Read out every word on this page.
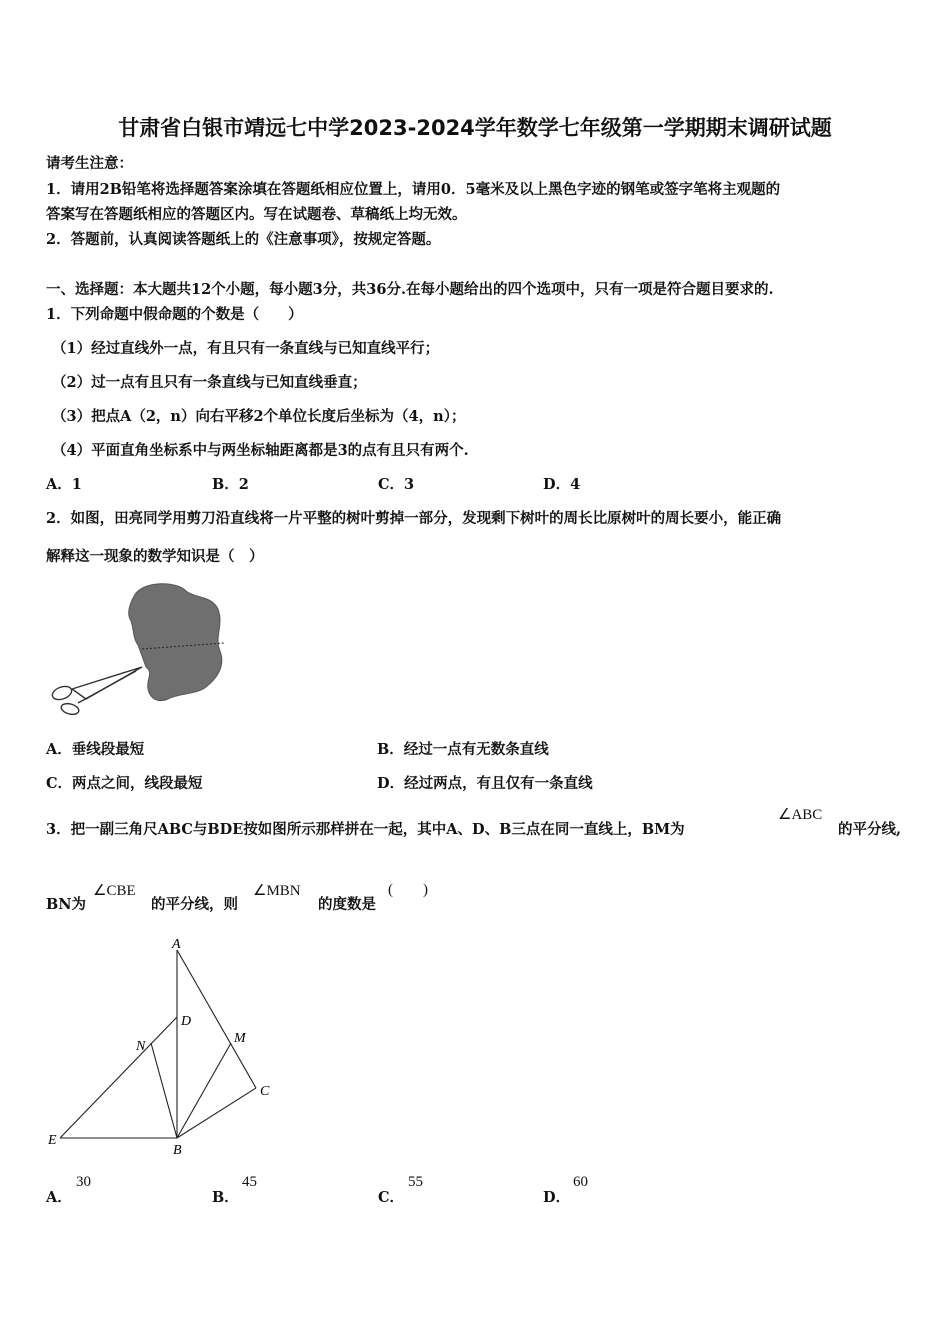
甘肃省白银市靖远七中学2023-2024学年数学七年级第一学期期末调研试题
请考生注意：
1．请用2B铅笔将选择题答案涂填在答题纸相应位置上，请用0．5毫米及以上黑色字迹的钢笔或签字笔将主观题的
答案写在答题纸相应的答题区内。写在试题卷、草稿纸上均无效。
2．答题前，认真阅读答题纸上的《注意事项》，按规定答题。
一、选择题：本大题共12个小题，每小题3分，共36分.在每小题给出的四个选项中，只有一项是符合题目要求的.
1．下列命题中假命题的个数是（　　）
（1）经过直线外一点，有且只有一条直线与已知直线平行；
（2）过一点有且只有一条直线与已知直线垂直；
（3）把点A（2，n）向右平移2个单位长度后坐标为（4，n）；
（4）平面直角坐标系中与两坐标轴距离都是3的点有且只有两个.
A．1	B．2	C．3	D．4
2．如图，田亮同学用剪刀沿直线将一片平整的树叶剪掉一部分，发现剩下树叶的周长比原树叶的周长要小，能正确
解释这一现象的数学知识是（　）
A．垂线段最短	B．经过一点有无数条直线
C．两点之间，线段最短	D．经过两点，有且仅有一条直线
3．把一副三角尺ABC与BDE按如图所示那样拼在一起，其中A、D、B三点在同一直线上，BM为
∠ABC
的平分线,
BN为
∠CBE
的平分线，则
∠MBN
的度数是
(　　)
A
D
N
M
C
E
B
A．
30
B．
45
C．
55
D．
60
